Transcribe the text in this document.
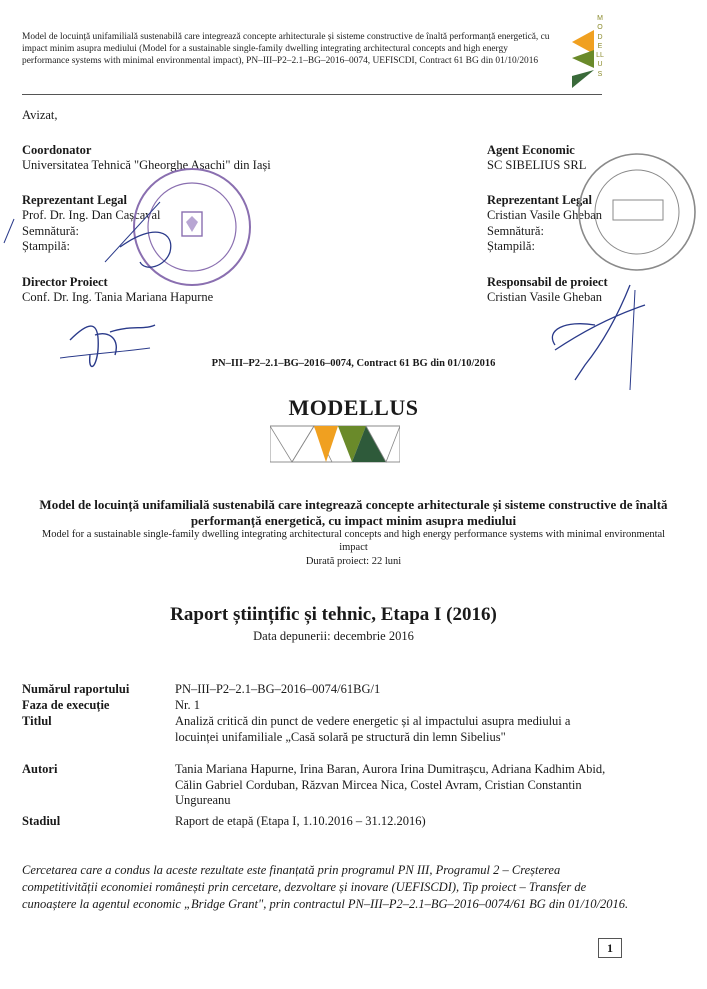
Model de locuință unifamilială sustenabilă care integrează concepte arhitecturale și sisteme constructive de înaltă performanță energetică, cu impact minim asupra mediului (Model for a sustainable single-family dwelling integrating architectural concepts and high energy performance systems with minimal environmental impact), PN–III–P2–2.1–BG–2016–0074, UEFISCDI, Contract 61 BG din 01/10/2016
M
O
D
E
LL
U
S
Avizat,
Coordonator
Universitatea Tehnică "Gheorghe Asachi" din Iași
Reprezentant Legal
Prof. Dr. Ing. Dan Cașcaval
Semnătură:
Ștampilă:
Director Proiect
Conf. Dr. Ing. Tania Mariana Hapurne
Agent Economic
SC SIBELIUS SRL
Reprezentant Legal
Cristian Vasile Gheban
Semnătură:
Ștampilă:
Responsabil de proiect
Cristian Vasile Gheban
PN–III–P2–2.1–BG–2016–0074, Contract 61 BG din 01/10/2016
MODELLUS
Model de locuință unifamilială sustenabilă care integrează concepte arhitecturale și sisteme constructive de înaltă performanță energetică, cu impact minim asupra mediului
Model for a sustainable single-family dwelling integrating architectural concepts and high energy performance systems with minimal environmental impact
Durată proiect: 22 luni
Raport științific și tehnic, Etapa I (2016)
Data depunerii: decembrie 2016
Numărul raportului	PN–III–P2–2.1–BG–2016–0074/61BG/1
Faza de execuție	Nr. 1
Titlul	Analiză critică din punct de vedere energetic și al impactului asupra mediului a locuinței unifamiliale „Casă solară pe structură din lemn Sibelius"
Autori	Tania Mariana Hapurne, Irina Baran, Aurora Irina Dumitrașcu, Adriana Kadhim Abid, Călin Gabriel Corduban, Răzvan Mircea Nica, Costel Avram, Cristian Constantin Ungureanu
Stadiul	Raport de etapă (Etapa I, 1.10.2016 – 31.12.2016)
Cercetarea care a condus la aceste rezultate este finanțată prin programul PN III, Programul 2 – Creșterea competitivității economiei românești prin cercetare, dezvoltare și inovare (UEFISCDI), Tip proiect – Transfer de cunoaștere la agentul economic „Bridge Grant", prin contractul PN–III–P2–2.1–BG–2016–0074/61 BG din 01/10/2016.
1
